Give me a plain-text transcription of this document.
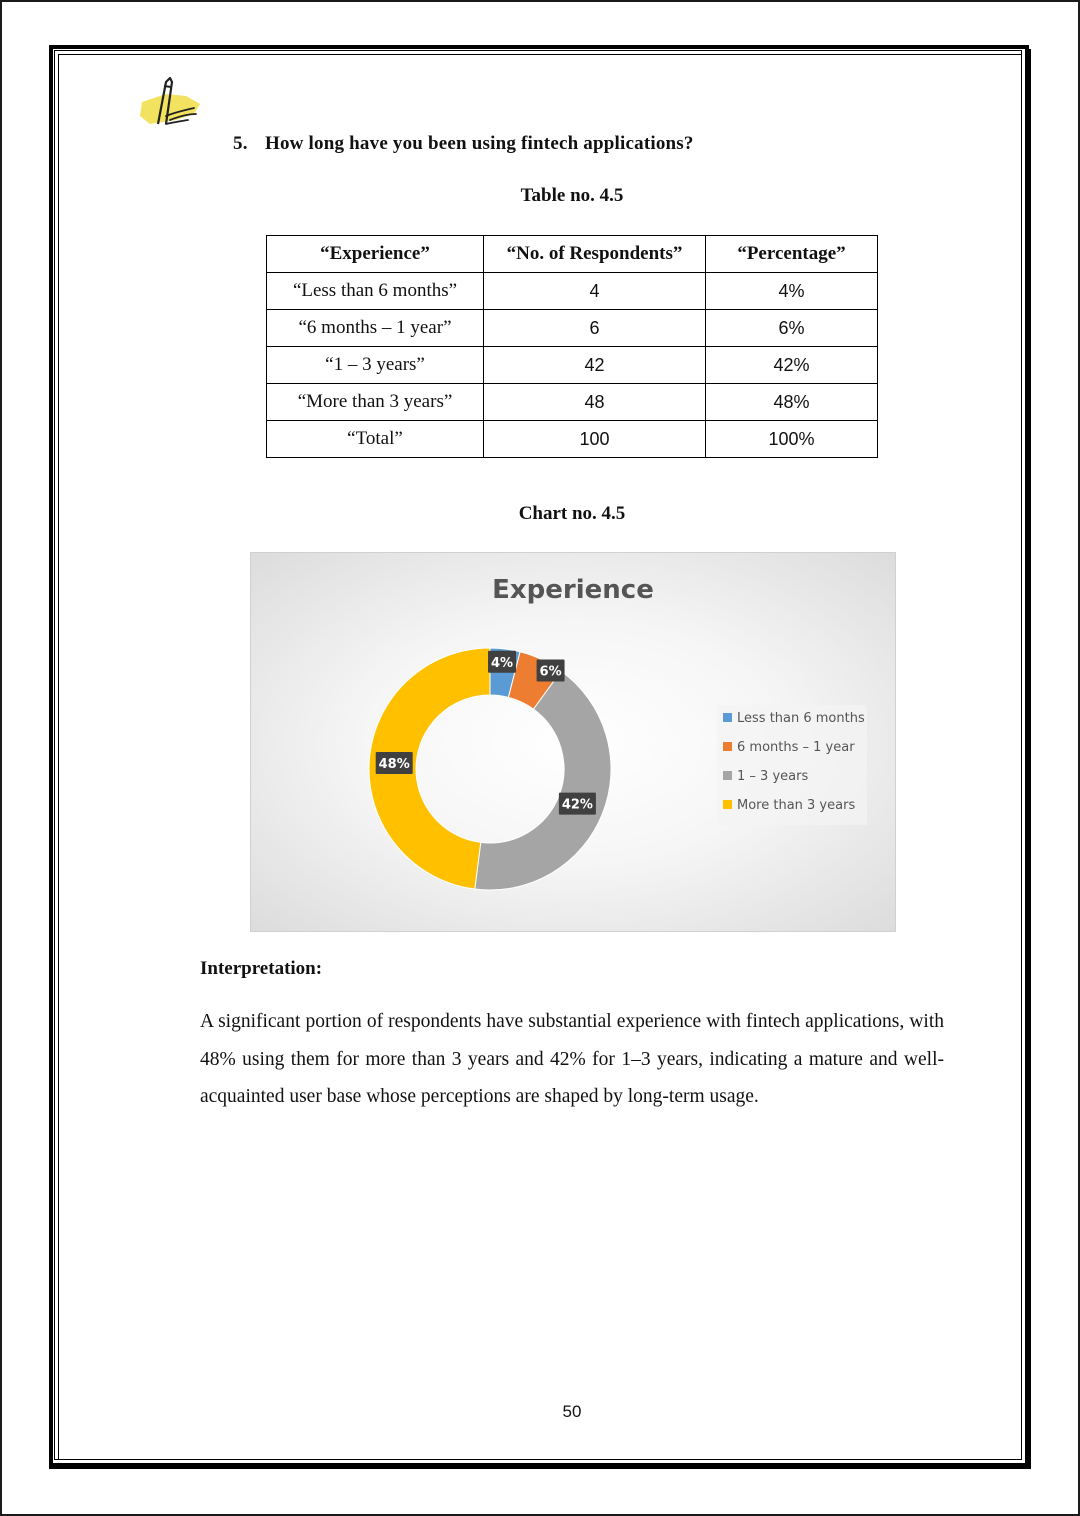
5. How long have you been using fintech applications?
Table no. 4.5
“Experience”	“No. of Respondents”	“Percentage”
“Less than 6 months”	4	4%
“6 months – 1 year”	6	6%
“1 – 3 years”	42	42%
“More than 3 years”	48	48%
“Total”	100	100%
Chart no. 4.5
Experience
4%
6%
42%
48%
Less than 6 months
6 months – 1 year
1 – 3 years
More than 3 years
Interpretation:
A significant portion of respondents have substantial experience with fintech applications, with 48% using them for more than 3 years and 42% for 1–3 years, indicating a mature and well-acquainted user base whose perceptions are shaped by long-term usage.
50
